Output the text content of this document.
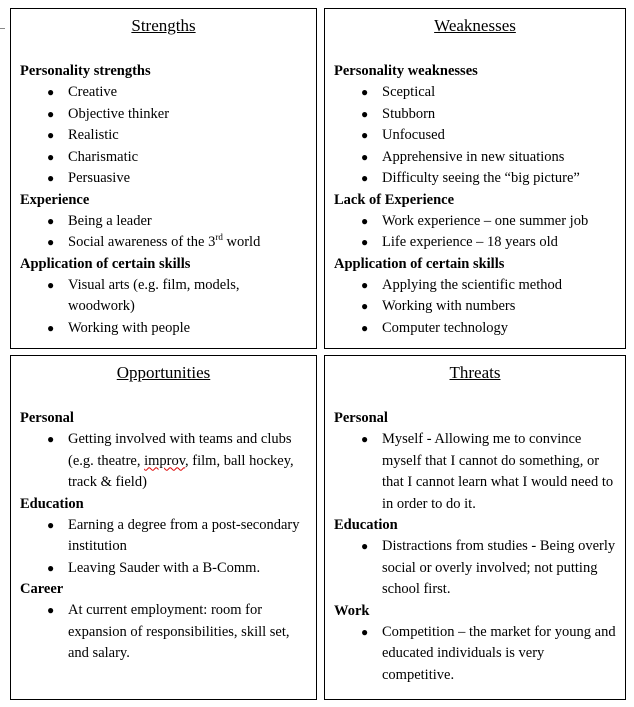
Strengths
Personality strengths
● Creative
● Objective thinker
● Realistic
● Charismatic
● Persuasive
Experience
● Being a leader
● Social awareness of the 3rd world
Application of certain skills
● Visual arts (e.g. film, models, woodwork)
● Working with people
Weaknesses
Personality weaknesses
● Sceptical
● Stubborn
● Unfocused
● Apprehensive in new situations
● Difficulty seeing the “big picture”
Lack of Experience
● Work experience – one summer job
● Life experience – 18 years old
Application of certain skills
● Applying the scientific method
● Working with numbers
● Computer technology
Opportunities
Personal
● Getting involved with teams and clubs (e.g. theatre, improv, film, ball hockey, track & field)
Education
● Earning a degree from a post-secondary institution
● Leaving Sauder with a B-Comm.
Career
● At current employment: room for expansion of responsibilities, skill set, and salary.
Threats
Personal
● Myself - Allowing me to convince myself that I cannot do something, or that I cannot learn what I would need to in order to do it.
Education
● Distractions from studies - Being overly social or overly involved; not putting school first.
Work
● Competition – the market for young and educated individuals is very competitive.
